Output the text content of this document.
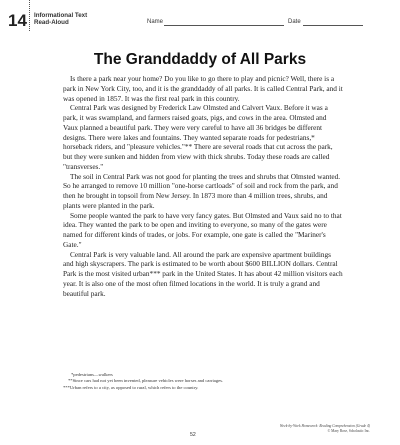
14 Informational Text
Read-Aloud	Name	Date
The Granddaddy of All Parks

Is there a park near your home? Do you like to go there to play and picnic? Well, there is a park in New York City, too, and it is the granddaddy of all parks. It is called Central Park, and it was opened in 1857. It was the first real park in this country.

Central Park was designed by Frederick Law Olmsted and Calvert Vaux. Before it was a park, it was swampland, and farmers raised goats, pigs, and cows in the area. Olmsted and Vaux planned a beautiful park. They were very careful to have all 36 bridges be different designs. There were lakes and fountains. They wanted separate roads for pedestrians,* horseback riders, and "pleasure vehicles."** There are several roads that cut across the park, but they were sunken and hidden from view with thick shrubs. Today these roads are called "transverses."

The soil in Central Park was not good for planting the trees and shrubs that Olmsted wanted. So he arranged to remove 10 million "one-horse cartloads" of soil and rock from the park, and then he brought in topsoil from New Jersey. In 1873 more than 4 million trees, shrubs, and plants were planted in the park.

Some people wanted the park to have very fancy gates. But Olmsted and Vaux said no to that idea. They wanted the park to be open and inviting to everyone, so many of the gates were named for different kinds of trades, or jobs. For example, one gate is called the "Mariner's Gate."

Central Park is very valuable land. All around the park are expensive apartment buildings and high skyscrapers. The park is estimated to be worth about $600 BILLION dollars. Central Park is the most visited urban*** park in the United States. It has about 42 million visitors each year. It is also one of the most often filmed locations in the world. It is truly a grand and beautiful park.

*pedestrians—walkers
**Since cars had not yet been invented, pleasure vehicles were horses and carriages.
***Urban refers to a city, as opposed to rural, which refers to the country.
52
Week-by-Week Homework: Reading Comprehension (Grade 4)
© Mary Rose, Scholastic Inc.
